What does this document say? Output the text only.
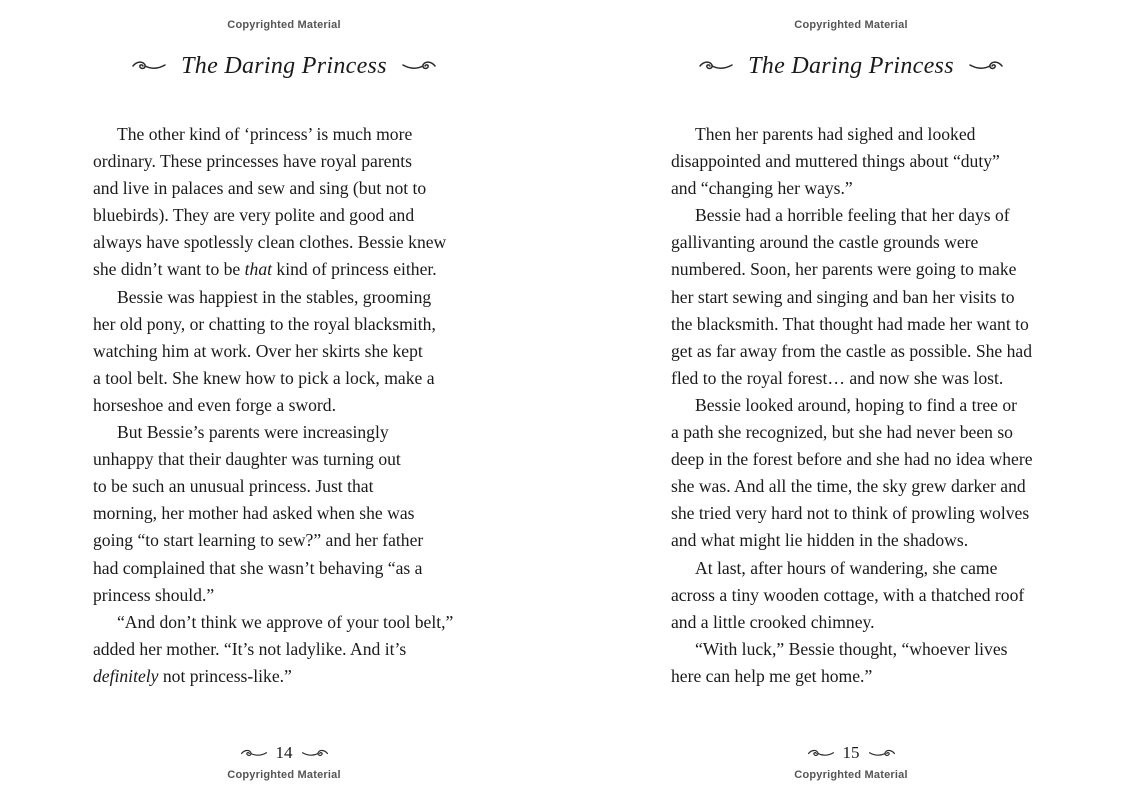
Copyrighted Material
The Daring Princess
The other kind of ‘princess’ is much more
ordinary. These princesses have royal parents
and live in palaces and sew and sing (but not to
bluebirds). They are very polite and good and
always have spotlessly clean clothes. Bessie knew
she didn’t want to be that kind of princess either.
Bessie was happiest in the stables, grooming
her old pony, or chatting to the royal blacksmith,
watching him at work. Over her skirts she kept
a tool belt. She knew how to pick a lock, make a
horseshoe and even forge a sword.
But Bessie’s parents were increasingly
unhappy that their daughter was turning out
to be such an unusual princess. Just that
morning, her mother had asked when she was
going “to start learning to sew?” and her father
had complained that she wasn’t behaving “as a
princess should.”
“And don’t think we approve of your tool belt,”
added her mother. “It’s not ladylike. And it’s
definitely not princess-like.”
14
Copyrighted Material
Copyrighted Material
The Daring Princess
Then her parents had sighed and looked
disappointed and muttered things about “duty”
and “changing her ways.”
Bessie had a horrible feeling that her days of
gallivanting around the castle grounds were
numbered. Soon, her parents were going to make
her start sewing and singing and ban her visits to
the blacksmith. That thought had made her want to
get as far away from the castle as possible. She had
fled to the royal forest… and now she was lost.
Bessie looked around, hoping to find a tree or
a path she recognized, but she had never been so
deep in the forest before and she had no idea where
she was. And all the time, the sky grew darker and
she tried very hard not to think of prowling wolves
and what might lie hidden in the shadows.
At last, after hours of wandering, she came
across a tiny wooden cottage, with a thatched roof
and a little crooked chimney.
“With luck,” Bessie thought, “whoever lives
here can help me get home.”
15
Copyrighted Material
